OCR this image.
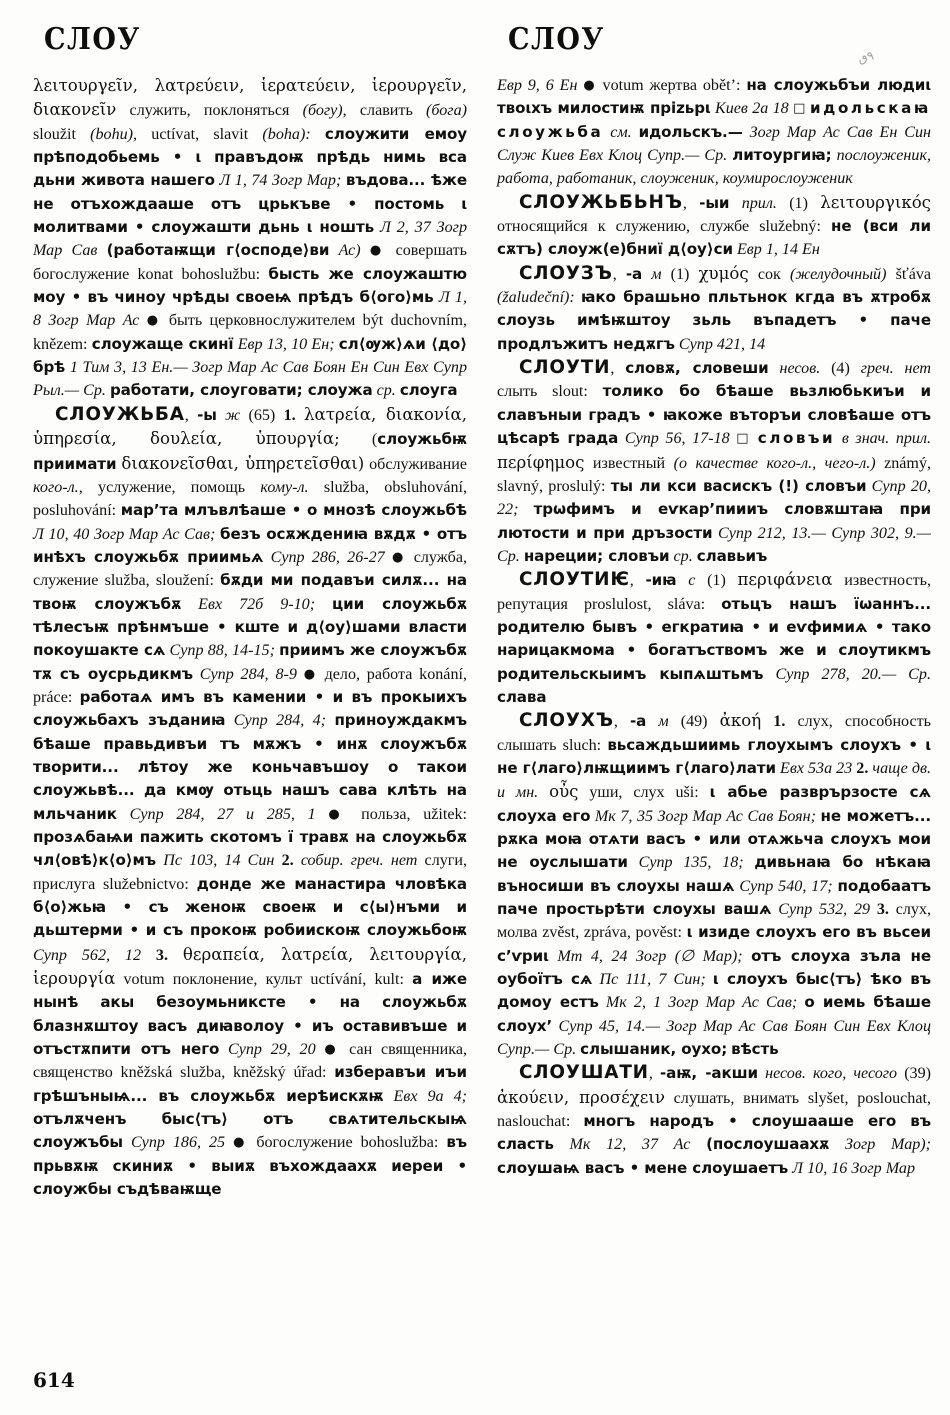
СЛОУ	СЛОУ
٩ٯ

λειτουργεῖν, λατρεύειν, ἱερατεύειν, ἱερουργεῖν, διακονεῖν служить, поклоняться (богу), славить (бога) sloužit (bohu), uctívat, slavit (boha): слоужити емоу прѣподобьемь • ι правъдоѭ прѣдь нимь вса дьни живота нашего Л 1, 74 Зогр Мар; въдова... ѣже не отъхождааше отъ црькъве • постомь ι молитвами • слоужашти дьнь ι ношть Л 2, 37 Зогр Мар Сав (работаѭщи г⟨осподе⟩ви Ас) ● совершать богослужение konat bohoslužbu: бысть же слоужаштю моу • въ чиноу чрѣды своеѩ прѣдъ б⟨ого⟩мь Л 1, 8 Зогр Мар Ас ● быть церковнослужителем být duchovním, knězem: слоужаще скинï Евр 13, 10 Ен; сл⟨ѹж⟩ѧи ⟨до⟩брѣ 1 Тим 3, 13 Ен.— Зогр Мар Ас Сав Боян Ен Син Евх Супр Рыл.— Ср. работати, слоуговати; слоужа ср. слоуга

СЛОУЖЬБА, -ы ж (65) 1. λατρεία, διακονία, ὑπηρεσία, δουλεία, ὑπουργία; (слоужьбѭ приимати διακονεῖσθαι, ὑπηρετεῖσθαι) обслуживание кого-л., услужение, помощь кому-л. služba, obsluhování, posluhování: мар’та млъвлѣаше • о мнозѣ слоужьбѣ Л 10, 40 Зогр Мар Ас Сав; безъ осѫждениꙗ вѫдѫ • отъ инѣхъ слоужьбѫ приимьѧ Супр 286, 26-27 ● служба, служение služba, sloužení: бѫди ми подавъи силѫ... на твоѭ слоужъбѫ Евх 72б 9-10; ции слоужьбѫ тѣлесъѭ прѣнмъше • кште и д⟨оу⟩шами власти покоушакте сѧ Супр 88, 14-15; приимъ же слоужъбѫ тѫ съ оусрьдикмъ Супр 284, 8-9 ● дело, работа konání, práce: работаѧ имъ въ камении • и въ прокыихъ слоужьбахъ зъданиꙗ Супр 284, 4; приноуждакмъ бѣаше правьдивъи тъ мѫжъ • инѫ слоужъбѫ творити... лѣтоу же коньчавъшоу о такои слоужьвѣ... да кмѹ отьць нашъ сава клѣть на мльчаник Супр 284, 27 и 285, 1 ● польза, užitek: прозѧбаѩи пажить скотомъ ї травѫ на слоужьбѫ чл⟨овѣ⟩к⟨о⟩мъ Пс 103, 14 Син 2. собир. греч. нет слуги, прислуга služebnictvo: донде же манастира чловѣка б⟨о⟩жьꙗ • съ женоѭ своеѭ и с⟨ы⟩нъми и дьштерми • и съ прокоѭ робиискоѭ слоужьбоѭ Супр 562, 12 3. θεραπεία, λατρεία, λειτουργία, ἱερουργία votum поклонение, культ uctívání, kult: а иже нынѣ акы безоумьниксте • на слоужьбѫ блазнѫштоу васъ диꙗволоу • иъ оставивъше и отъстѫпити отъ него Супр 29, 20 ● сан священника, священство kněžská služba, kněžský úřad: изберавъи иъи грѣшъныѩ... въ слоужьбѫ иерѣискѫѭ Евх 9а 4; отълѫченъ быс⟨тъ⟩ отъ свѧтительскыѩ слоужъбы Супр 186, 25 ● богослужение bohoslužba: въ прьвѫѭ скиниѫ • выиѫ въхождаахѫ иереи • слоужбы съдѣваѭще

Евр 9, 6 Ен ● votum жертва obět’: на слоужьбъи людиι твоιхъ милостиѭ пріzьрι Киев 2а 18 □ идольскаꙗ слоужьба см. идольскъ.— Зогр Мар Ас Сав Ен Син Служ Киев Евх Клоц Супр.— Ср. литоургиꙗ; послоуженик, работа, работаник, слоуженик, коумирослоуженик

СЛОУЖЬБЬНЪ, -ыи прил. (1) λειτουργικός относящийся к служению, службе služebný: не (вси ли сѫтъ) слоуж(е)бниï д⟨оу⟩си Евр 1, 14 Ен

СЛОУЗЪ, -а м (1) χυμός сок (желудочный) šťáva (žaludeční): ꙗко брашьно пльтьнок кгда въ ѫтробѫ слоузь имѣѭштоу зьль въпадетъ • паче продлъжитъ недѫгъ Супр 421, 14

СЛОУТИ, словѫ, словеши несов. (4) греч. нет слыть slout: толико бо бѣаше вьзлюбькиъи и славъныи градъ • ꙗкоже въторъи словѣаше отъ цѣсарѣ града Супр 56, 17-18 □ словъи в знач. прил. περίφημος известный (о качестве кого-л., чего-л.) známý, slavný, proslulý: ты ли кси васискъ (!) словъи Супр 20, 22; трѡфимъ и еѵкар’пиииъ словѫштаꙗ при лютости и при дръзости Супр 212, 13.— Супр 302, 9.— Ср. нареции; словъи ср. славьиъ

СЛОУТИѤ, -иꙗ с (1) περιφάνεια известность, репутация proslulost, sláva: отьцъ нашъ їѡаннъ... родителю бывъ • егкратиꙗ • и еѵфимиѧ • тако нарицакмома • богатъствомъ же и слоутикмъ родительскыимъ кыпѧштьмъ Супр 278, 20.— Ср. слава

СЛОУХЪ, -а м (49) ἀκοή 1. слух, способность слышать sluch: вьсаждьшиимь глоухымъ слоухъ • ι не г⟨лаго⟩лѭщиимъ г⟨лаго⟩лати Евх 53а 23 2. чаще дв. и мн. οὖς уши, слух uši: ι абье разврързосте сѧ слоуха его Мк 7, 35 Зогр Мар Ас Сав Боян; не можетъ... рѫка моꙗ отѧти васъ • или отѧжьча слоухъ мои не оуслышати Супр 135, 18; дивьнаꙗ бо нѣкаꙗ въносиши въ слоухы нашѧ Супр 540, 17; подобаатъ паче простьрѣти слоухы вашѧ Супр 532, 29 3. слух, молва zvěst, zpráva, pověst: ι изиде слоухъ его въ вьсеи с’ѵриι Мт 4, 24 Зогр (∅ Мар); отъ слоуха зъла не оубоїтъ сѧ Пс 111, 7 Син; ι слоухъ быс⟨тъ⟩ ѣко въ домоу естъ Мк 2, 1 Зогр Мар Ас Сав; о иемь бѣаше слоух’ Супр 45, 14.— Зогр Мар Ас Сав Боян Син Евх Клоц Супр.— Ср. слышаник, оухо; вѣсть

СЛОУШАТИ, -аѭ, -акши несов. кого, чесого (39) ἀκούειν, προσέχειν слушать, внимать slyšet, poslouchat, naslouchat: многъ народъ • слоушааше его въ сласть Мк 12, 37 Ас (послоушаахѫ Зогр Мар); слоушаѩ васъ • мене слоушаетъ Л 10, 16 Зогр Мар

614
